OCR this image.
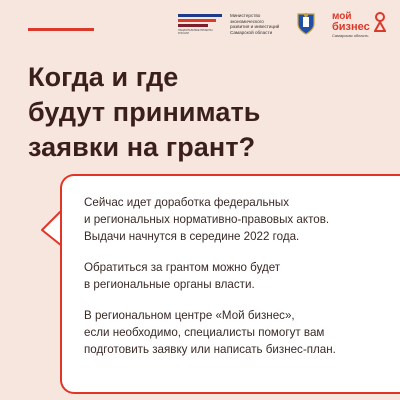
НАЦИОНАЛЬНЫЕ ПРОЕКТЫ РОССИИ
Министерство
экономического
развития и инвестиций
Самарской области
мой
бизнес
Самарская область
Когда и где
будут принимать
заявки на грант?
Сейчас идет доработка федеральных
и региональных нормативно-правовых актов.
Выдачи начнутся в середине 2022 года.
Обратиться за грантом можно будет
в региональные органы власти.
В региональном центре «Мой бизнес»,
если необходимо, специалисты помогут вам
подготовить заявку или написать бизнес-план.
